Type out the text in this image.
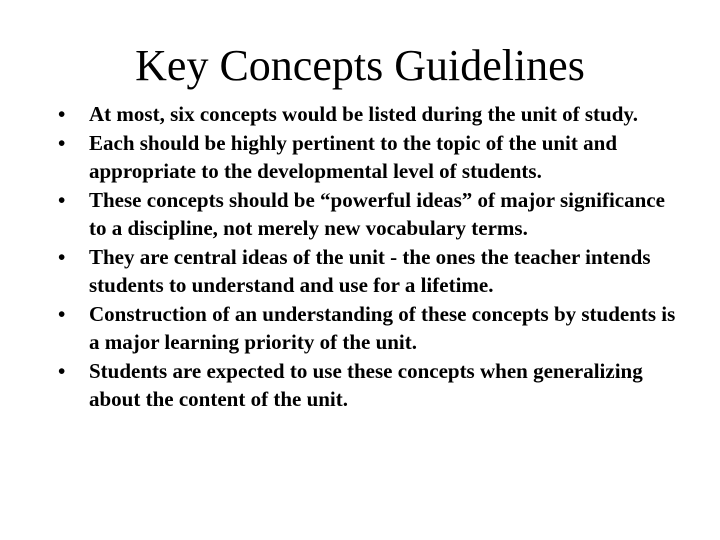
Key Concepts Guidelines
•	At most, six concepts would be listed during the unit of study.
•	Each should be highly pertinent to the topic of the unit and appropriate to the developmental level of students.
•	These concepts should be “powerful ideas” of major significance to a discipline, not merely new vocabulary terms.
•	They are central ideas of the unit - the ones the teacher intends students to understand and use for a lifetime.
•	Construction of an understanding of these concepts by students is a major learning priority of the unit.
•	Students are expected to use these concepts when generalizing about the content of the unit.
